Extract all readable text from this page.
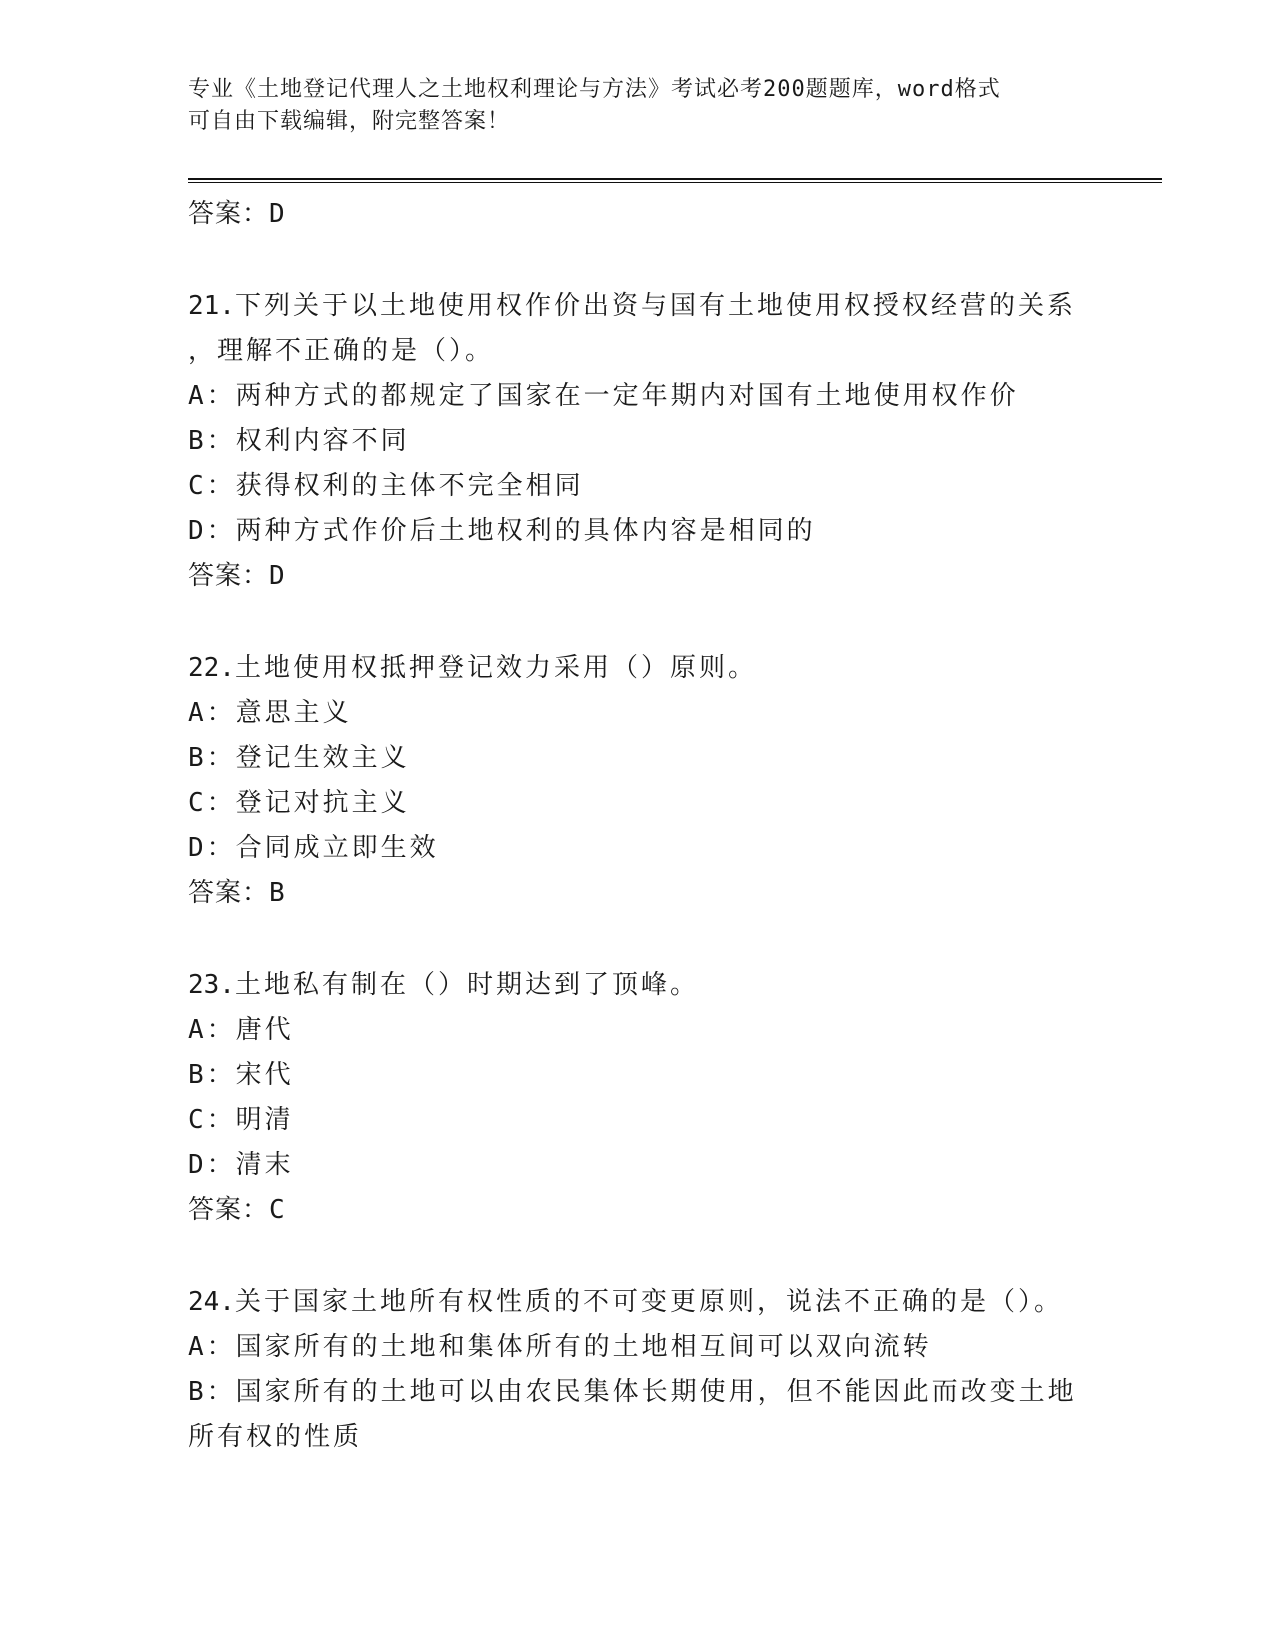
专业《土地登记代理人之土地权利理论与方法》考试必考200题题库，word格式
可自由下载编辑，附完整答案！

答案：D

21.下列关于以土地使用权作价出资与国有土地使用权授权经营的关系

，理解不正确的是（）。

A：两种方式的都规定了国家在一定年期内对国有土地使用权作价

B：权利内容不同

C：获得权利的主体不完全相同

D：两种方式作价后土地权利的具体内容是相同的

答案：D

22.土地使用权抵押登记效力采用（）原则。

A：意思主义

B：登记生效主义

C：登记对抗主义

D：合同成立即生效

答案：B

23.土地私有制在（）时期达到了顶峰。

A：唐代

B：宋代

C：明清

D：清末

答案：C

24.关于国家土地所有权性质的不可变更原则，说法不正确的是（）。

A：国家所有的土地和集体所有的土地相互间可以双向流转

B：国家所有的土地可以由农民集体长期使用，但不能因此而改变土地

所有权的性质
